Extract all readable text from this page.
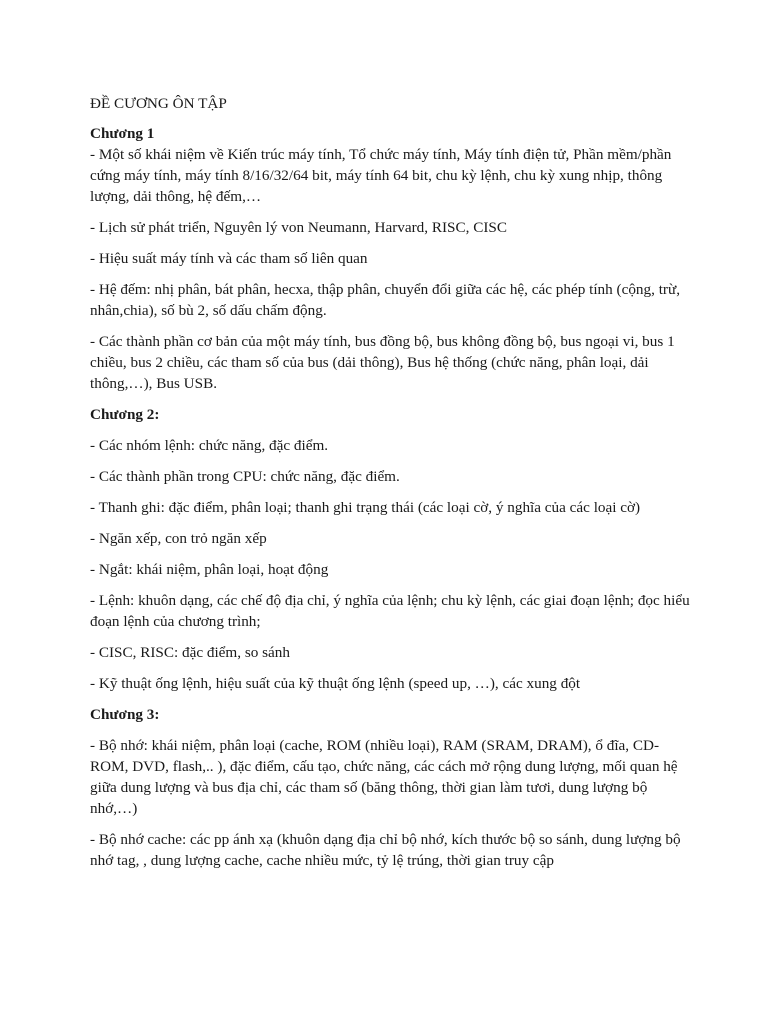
ĐỀ CƯƠNG ÔN TẬP

Chương 1

- Một số khái niệm về Kiến trúc máy tính, Tổ chức máy tính, Máy tính điện tử, Phần mềm/phần cứng máy tính, máy tính 8/16/32/64 bit, máy tính 64 bit, chu kỳ lệnh, chu kỳ xung nhịp, thông lượng, dải thông, hệ đếm,…

- Lịch sử phát triển, Nguyên lý von Neumann, Harvard, RISC, CISC

- Hiệu suất máy tính và các tham số liên quan

- Hệ đếm: nhị phân, bát phân, hecxa, thập phân, chuyển đổi giữa các hệ, các phép tính (cộng, trừ, nhân,chia), số bù 2, số dấu chấm động.

- Các thành phần cơ bản của một máy tính, bus đồng bộ, bus không đồng bộ, bus ngoại vi, bus 1 chiều, bus 2 chiều, các tham số của bus (dải thông), Bus hệ thống (chức năng, phân loại, dải thông,…), Bus USB.

Chương 2:

- Các nhóm lệnh: chức năng, đặc điểm.

- Các thành phần trong CPU: chức năng, đặc điểm.

- Thanh ghi: đặc điểm, phân loại; thanh ghi trạng thái (các loại cờ, ý nghĩa của các loại cờ)

- Ngăn xếp, con trỏ ngăn xếp

- Ngắt: khái niệm, phân loại, hoạt động

- Lệnh: khuôn dạng, các chế độ địa chỉ, ý nghĩa của lệnh; chu kỳ lệnh, các giai đoạn lệnh; đọc hiểu đoạn lệnh của chương trình;

- CISC, RISC: đặc điểm, so sánh

- Kỹ thuật ống lệnh, hiệu suất của kỹ thuật ống lệnh (speed up, …), các xung đột

Chương 3:

- Bộ nhớ: khái niệm, phân loại (cache, ROM (nhiều loại), RAM (SRAM, DRAM), ổ đĩa, CD-ROM, DVD, flash,.. ), đặc điểm, cấu tạo, chức năng, các cách mở rộng dung lượng, mối quan hệ giữa dung lượng và bus địa chỉ, các tham số (băng thông, thời gian làm tươi, dung lượng bộ nhớ,…)

- Bộ nhớ cache: các pp ánh xạ (khuôn dạng địa chỉ bộ nhớ, kích thước bộ so sánh, dung lượng bộ nhớ tag, , dung lượng cache, cache nhiều mức, tỷ lệ trúng, thời gian truy cập
